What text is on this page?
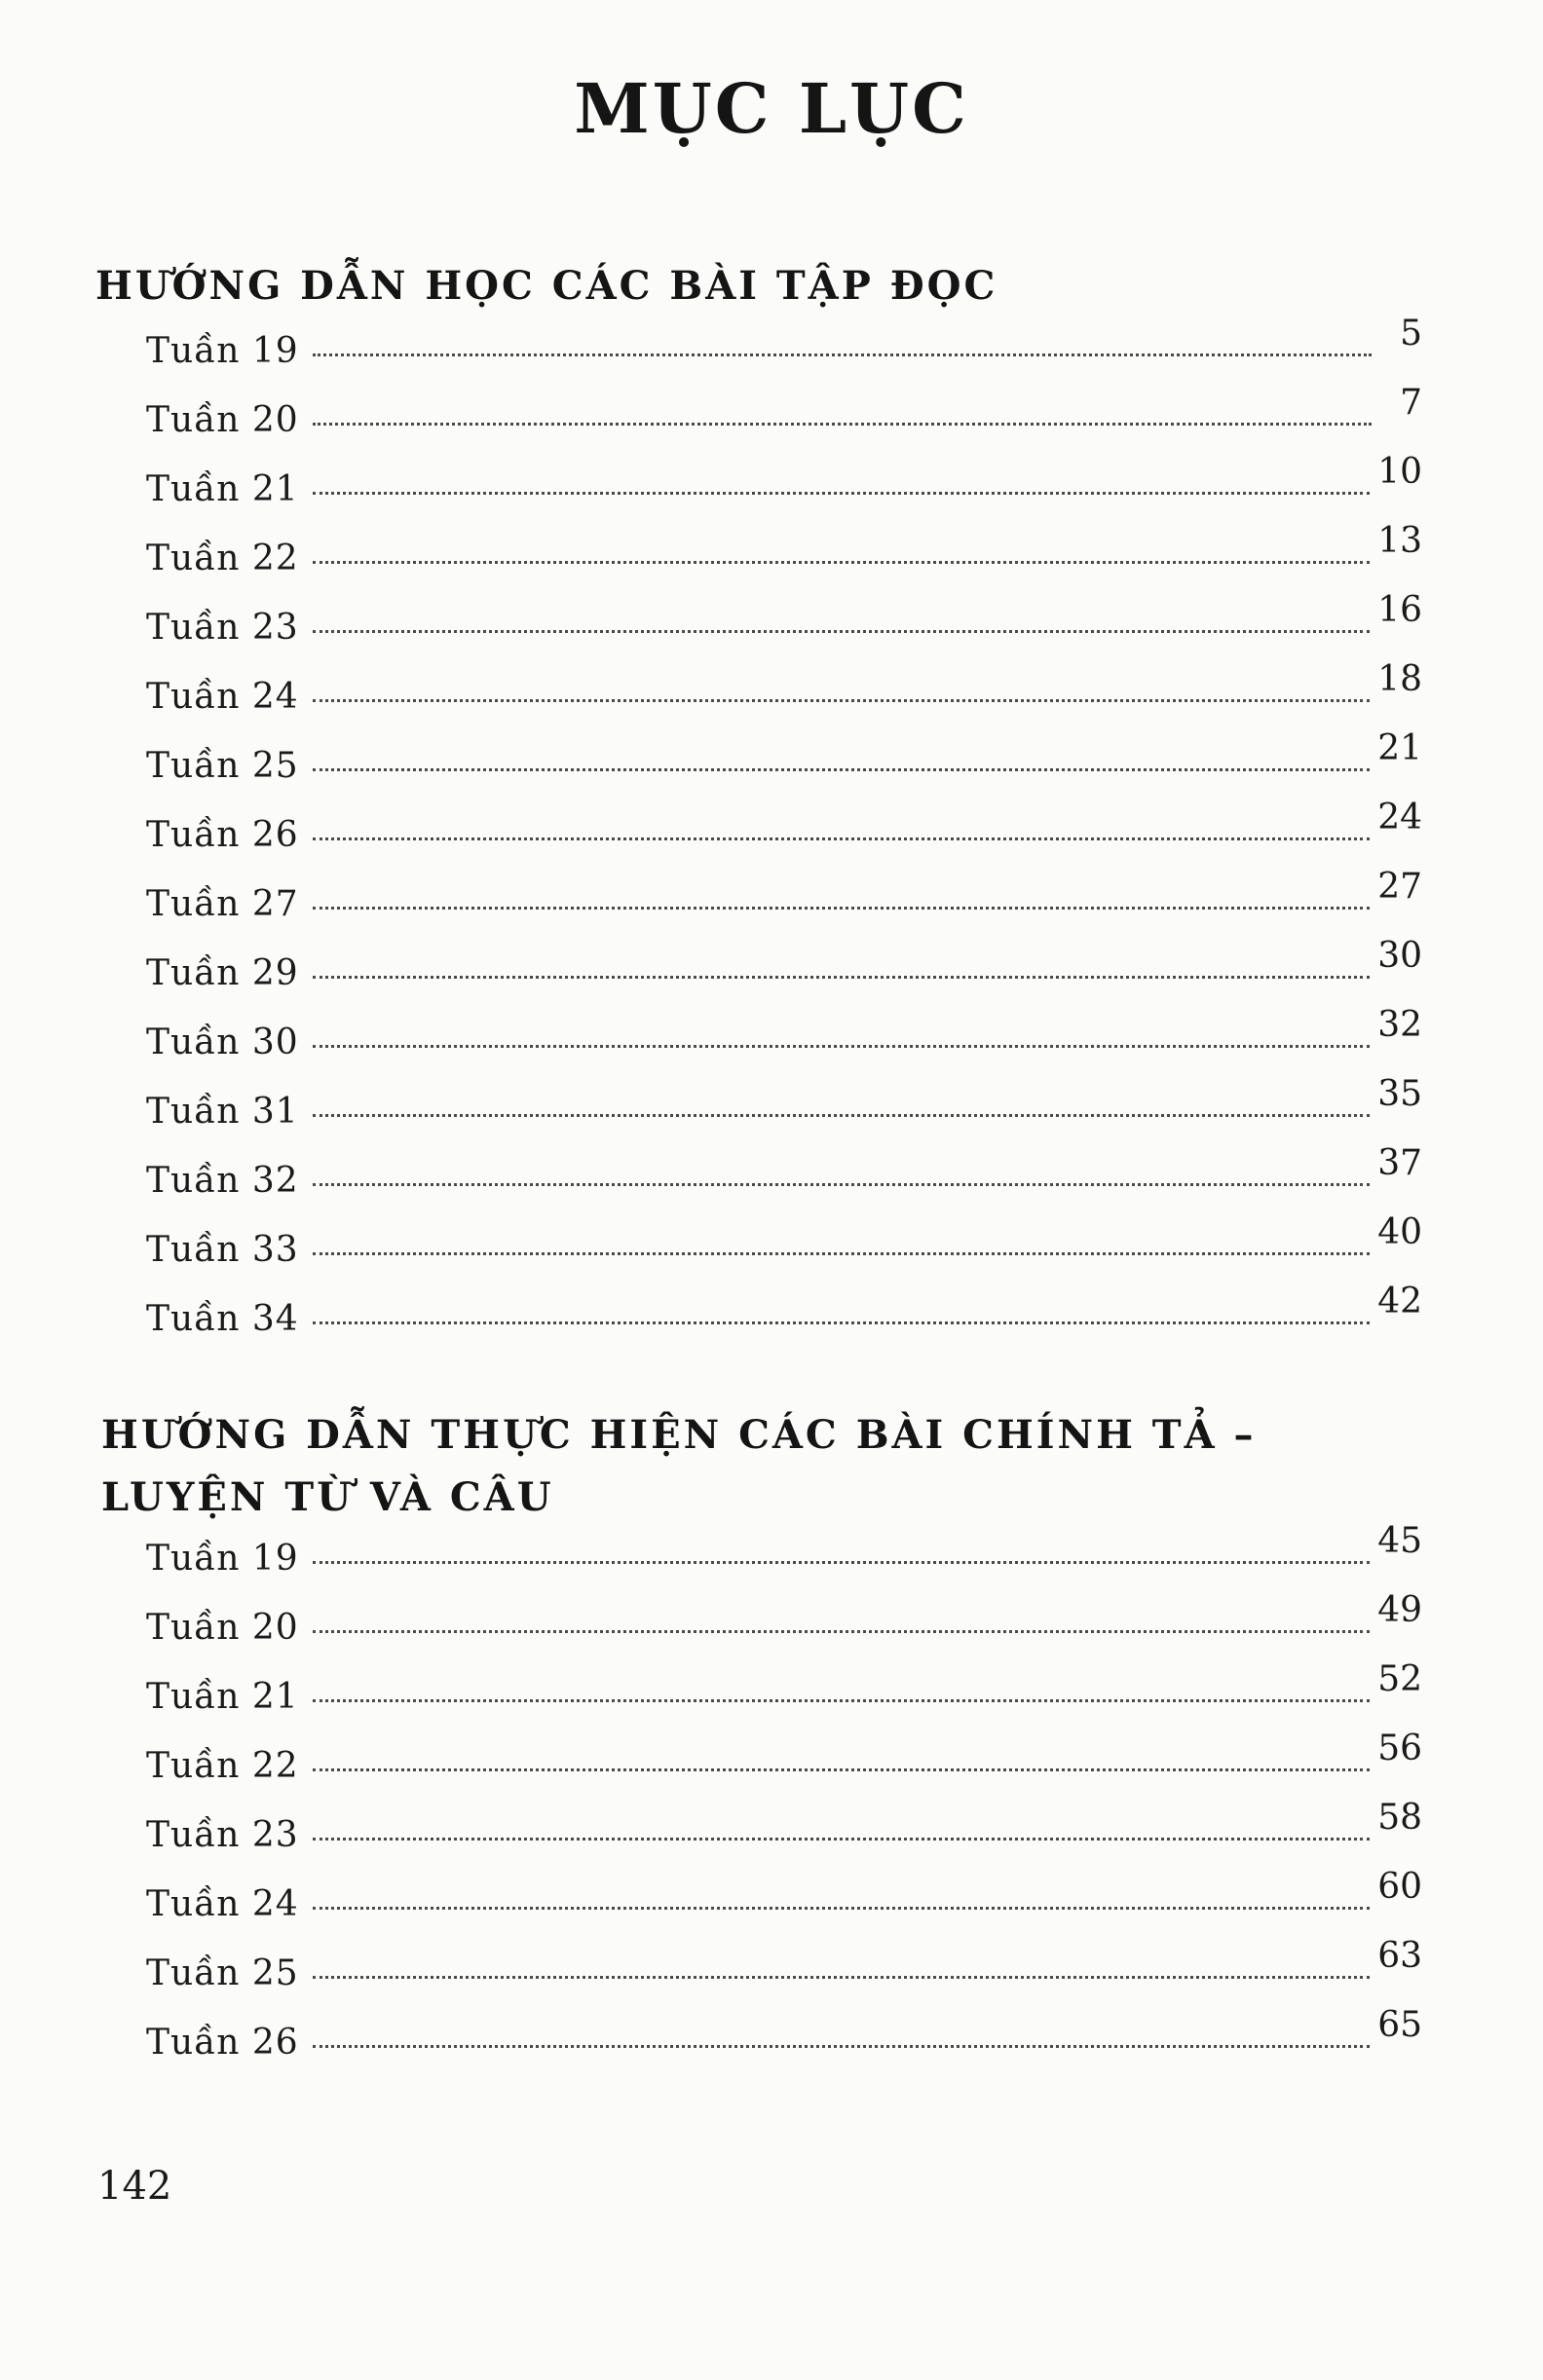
MỤC LỤC
HƯỚNG DẪN HỌC CÁC BÀI TẬP ĐỌC
Tuần 19	5
Tuần 20	7
Tuần 21	10
Tuần 22	13
Tuần 23	16
Tuần 24	18
Tuần 25	21
Tuần 26	24
Tuần 27	27
Tuần 29	30
Tuần 30	32
Tuần 31	35
Tuần 32	37
Tuần 33	40
Tuần 34	42
HƯỚNG DẪN THỰC HIỆN CÁC BÀI CHÍNH TẢ –
LUYỆN TỪ VÀ CÂU
Tuần 19	45
Tuần 20	49
Tuần 21	52
Tuần 22	56
Tuần 23	58
Tuần 24	60
Tuần 25	63
Tuần 26	65
142
